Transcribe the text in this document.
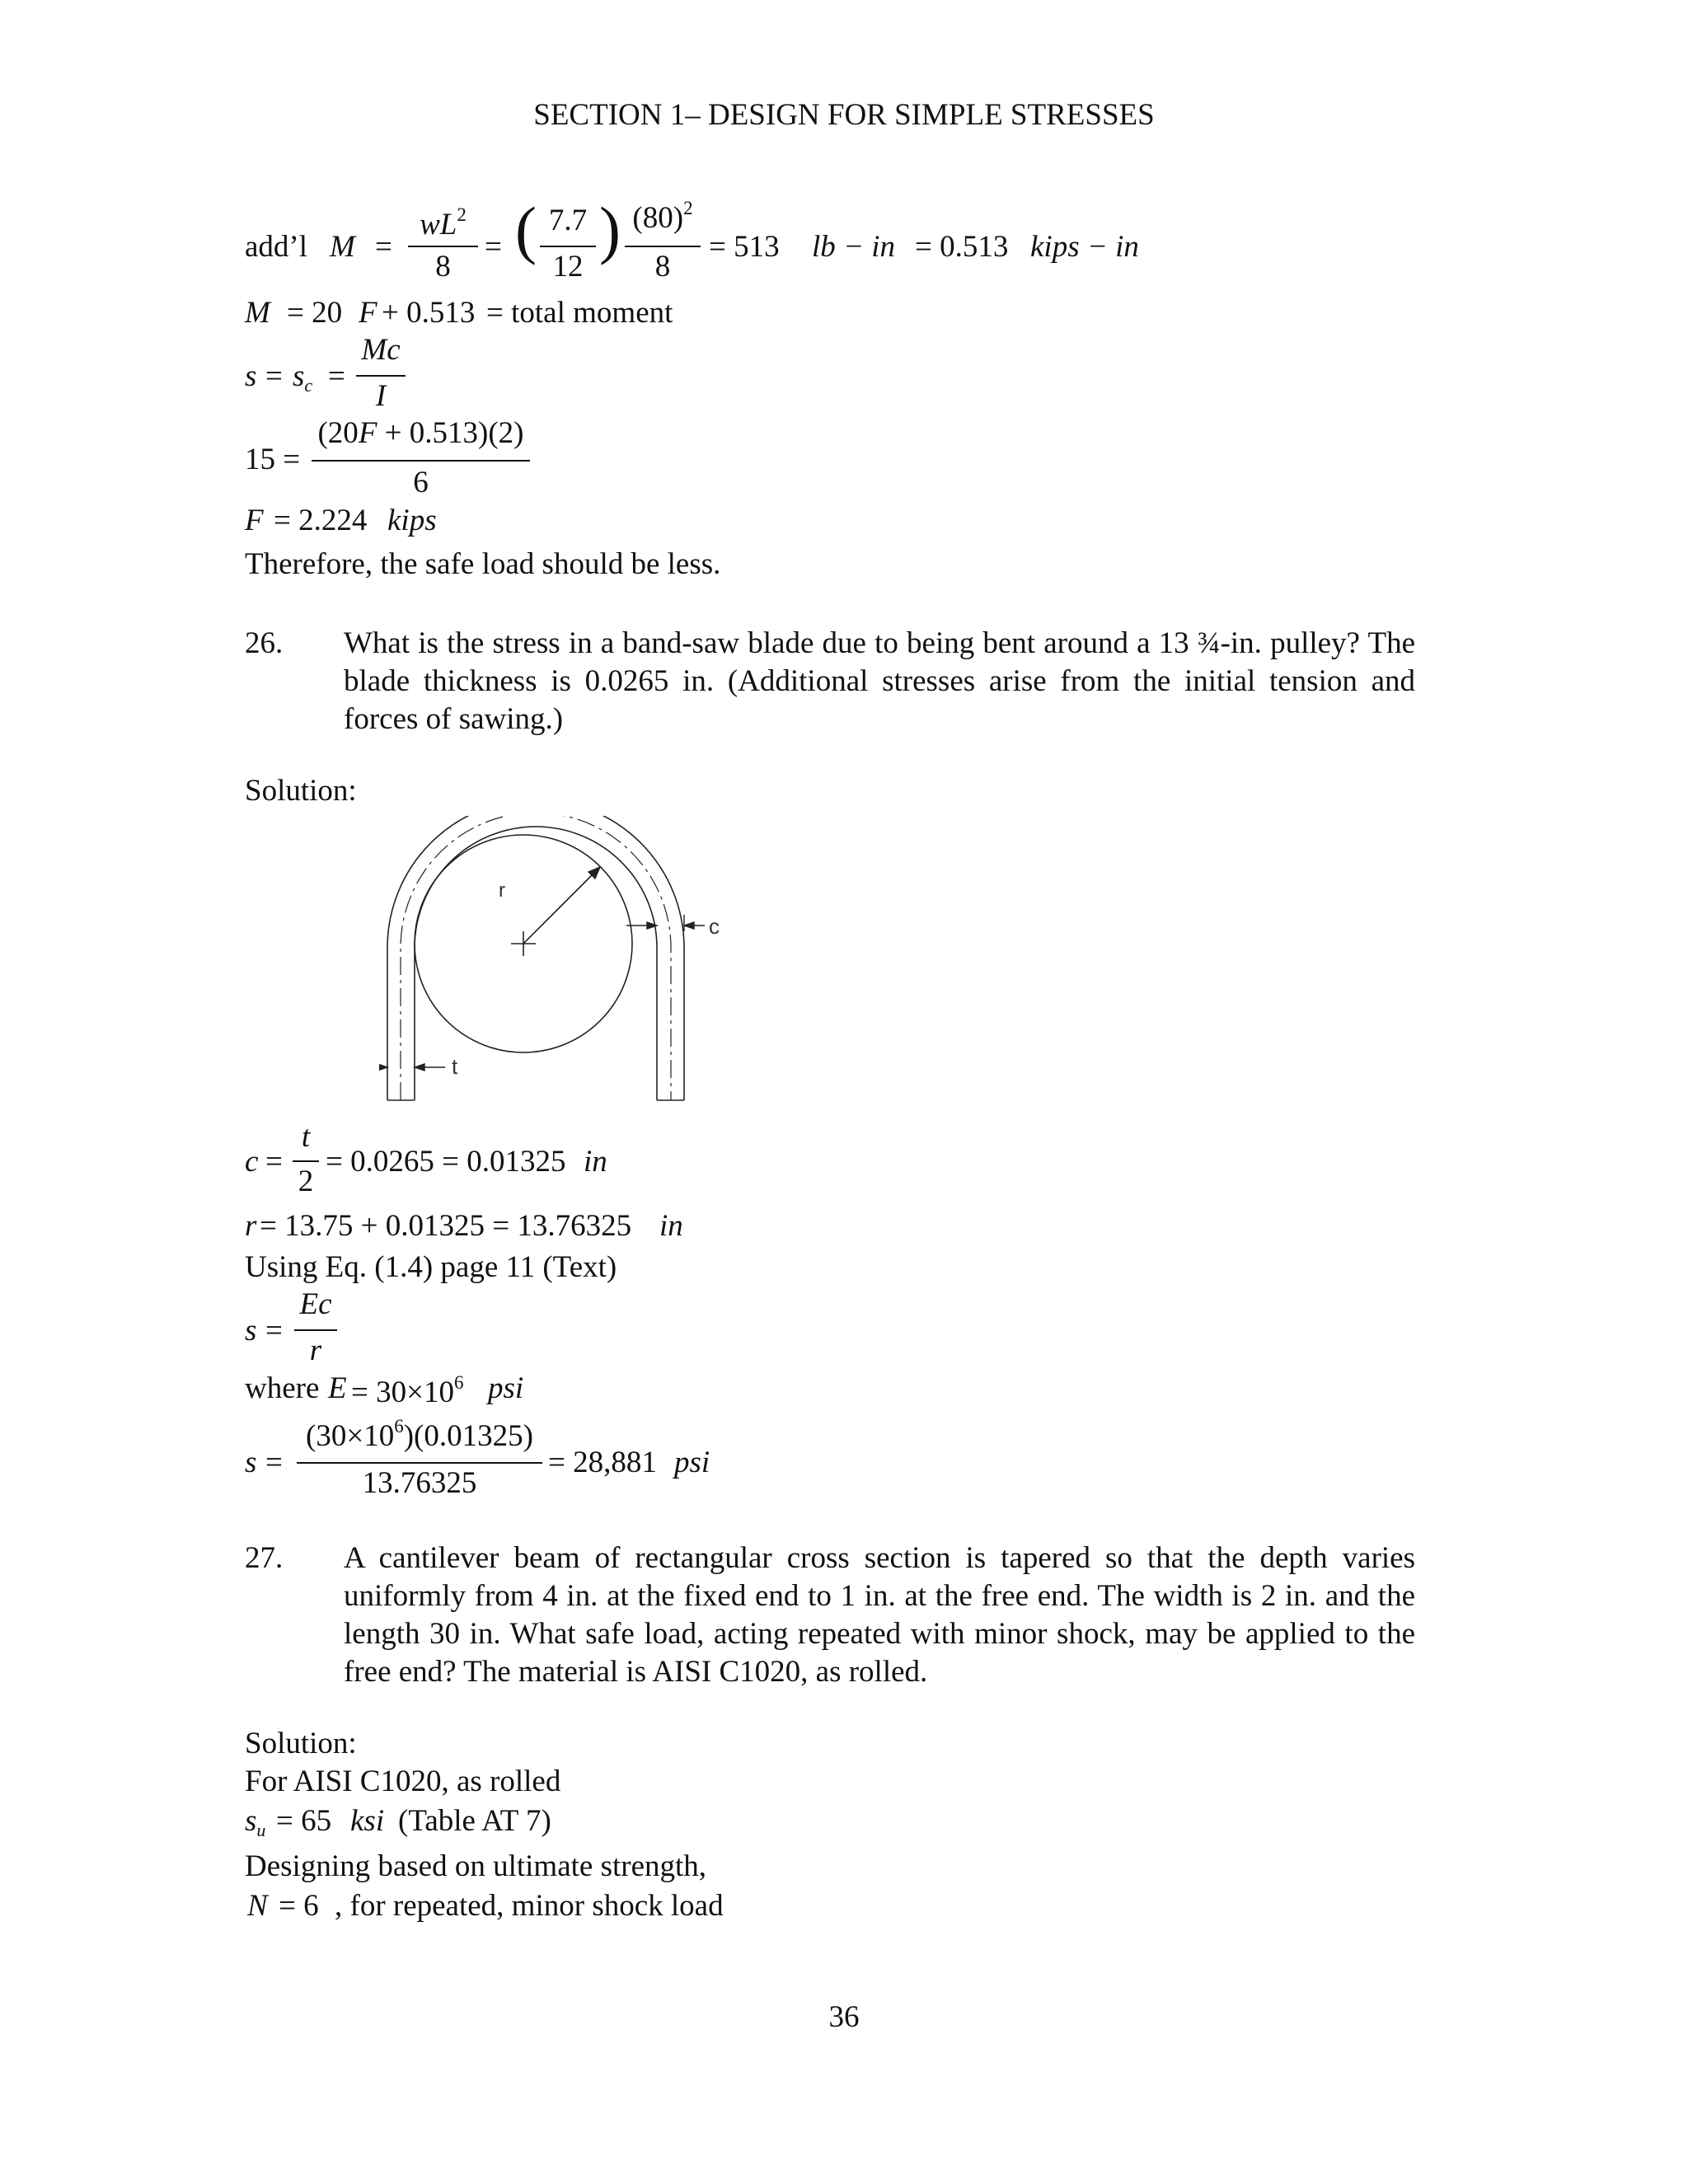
SECTION 1– DESIGN FOR SIMPLE STRESSES
add’l M =
$wL^2$
8
= ( 7.7
12
) $(80)^2$
8
= 513 lb − in = 0.513 kips − in
M = 20 F + 0.513 = total moment
$s = s_c$ =
Mc
I
15 =
(20F + 0.513)(2)
6
F = 2.224 kips
Therefore, the safe load should be less.
26. What is the stress in a band-saw blade due to being bent around a 13 ¾-in. pulley? The blade thickness is 0.0265 in. (Additional stresses arise from the initial tension and forces of sawing.)
Solution:
r
c
t
c =
t
2
= 0.0265 = 0.01325 in
r = 13.75 + 0.01325 = 13.76325 in
Using Eq. (1.4) page 11 (Text)
s =
Ec
r
where $E = 30\times 10^6$ psi
s =
$(30\times 10^6)(0.01325)$
13.76325
= 28,881 psi
27. A cantilever beam of rectangular cross section is tapered so that the depth varies uniformly from 4 in. at the fixed end to 1 in. at the free end. The width is 2 in. and the length 30 in. What safe load, acting repeated with minor shock, may be applied to the free end? The material is AISI C1020, as rolled.
Solution:
For AISI C1020, as rolled
$s_u = 65$ ksi (Table AT 7)
Designing based on ultimate strength,
N = 6 , for repeated, minor shock load
36
